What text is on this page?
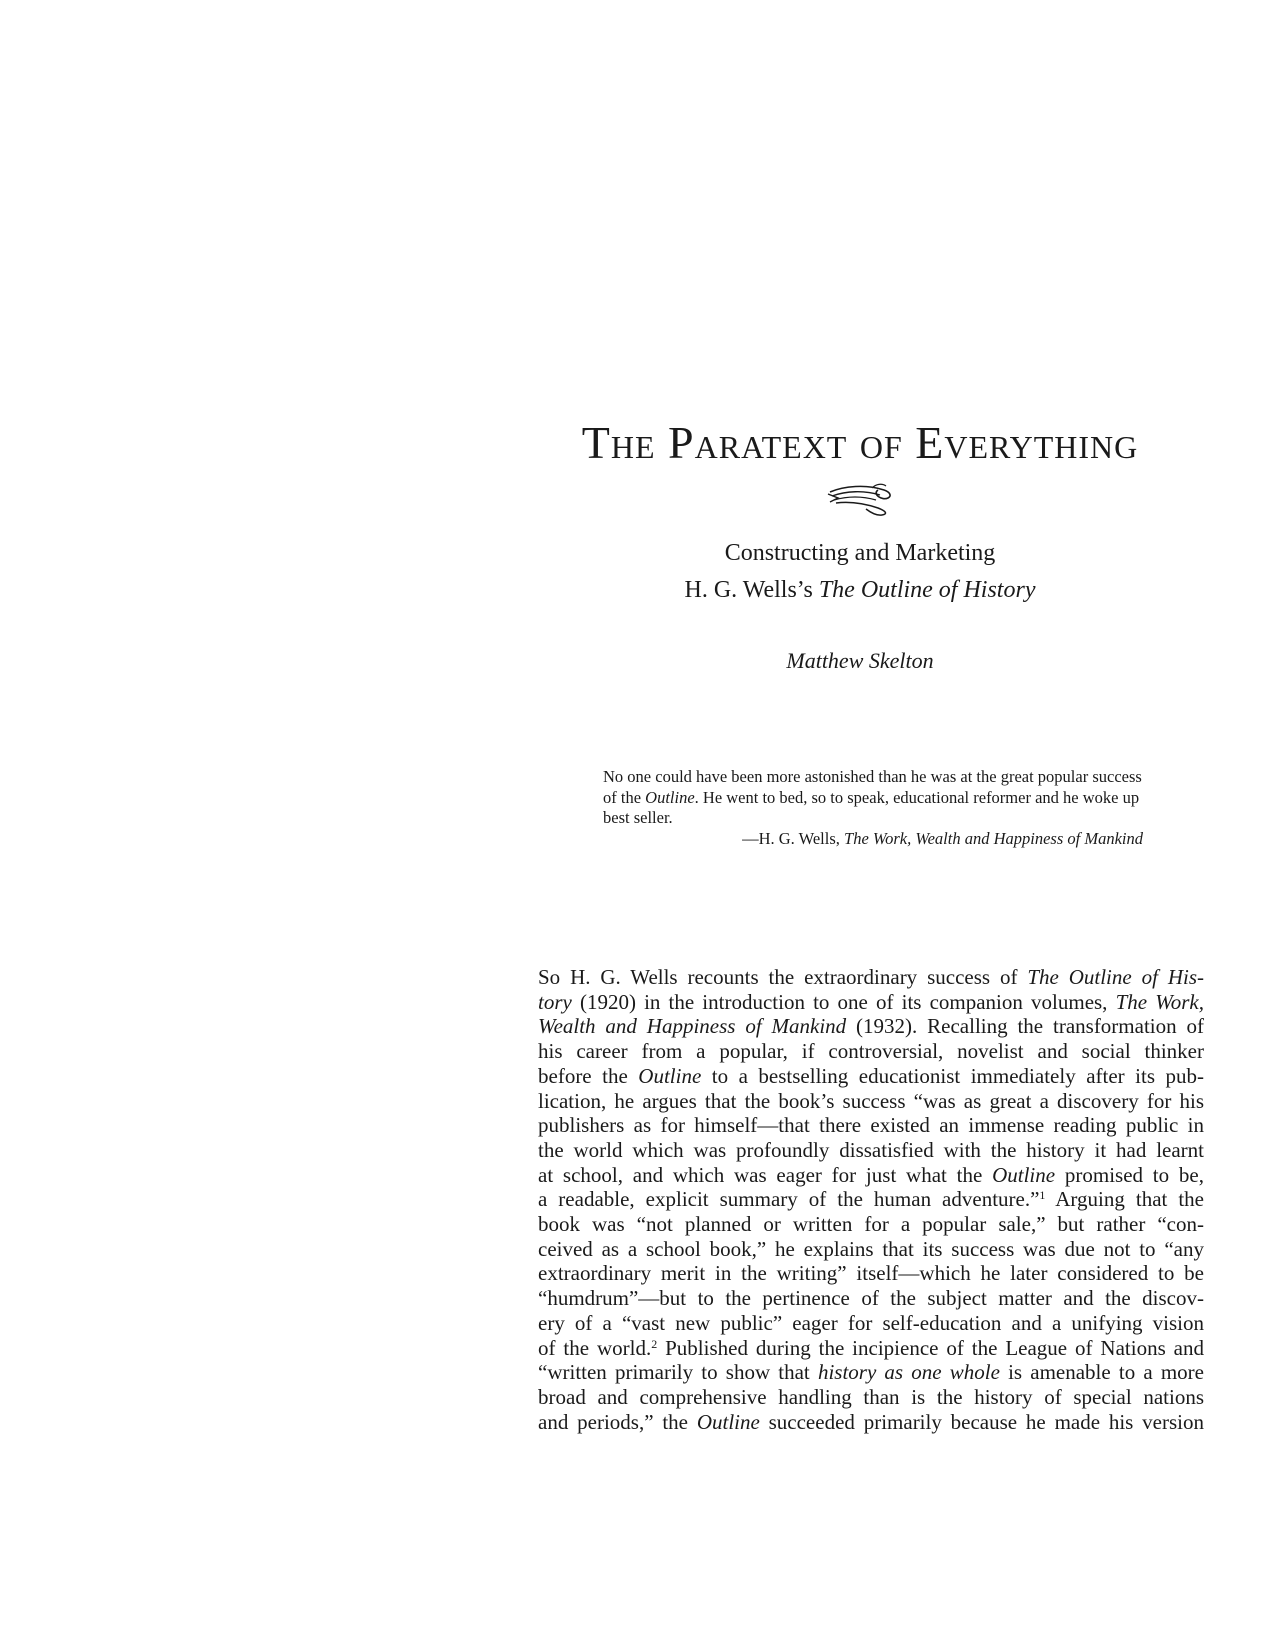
The Paratext of Everything
Constructing and Marketing
H. G. Wells’s The Outline of History
Matthew Skelton
No one could have been more astonished than he was at the great popular success of the Outline. He went to bed, so to speak, educational reformer and he woke up best seller.
—H. G. Wells, The Work, Wealth and Happiness of Mankind
So H. G. Wells recounts the extraordinary success of The Outline of His-
tory (1920) in the introduction to one of its companion volumes, The Work,
Wealth and Happiness of Mankind (1932). Recalling the transformation of
his career from a popular, if controversial, novelist and social thinker
before the Outline to a bestselling educationist immediately after its pub-
lication, he argues that the book’s success “was as great a discovery for his
publishers as for himself—that there existed an immense reading public in
the world which was profoundly dissatisfied with the history it had learnt
at school, and which was eager for just what the Outline promised to be,
a readable, explicit summary of the human adventure.”$^1$ Arguing that the
book was “not planned or written for a popular sale,” but rather “con-
ceived as a school book,” he explains that its success was due not to “any
extraordinary merit in the writing” itself—which he later considered to be
“humdrum”—but to the pertinence of the subject matter and the discov-
ery of a “vast new public” eager for self-education and a unifying vision
of the world.$^2$ Published during the incipience of the League of Nations and
“written primarily to show that history as one whole is amenable to a more
broad and comprehensive handling than is the history of special nations
and periods,” the Outline succeeded primarily because he made his version
